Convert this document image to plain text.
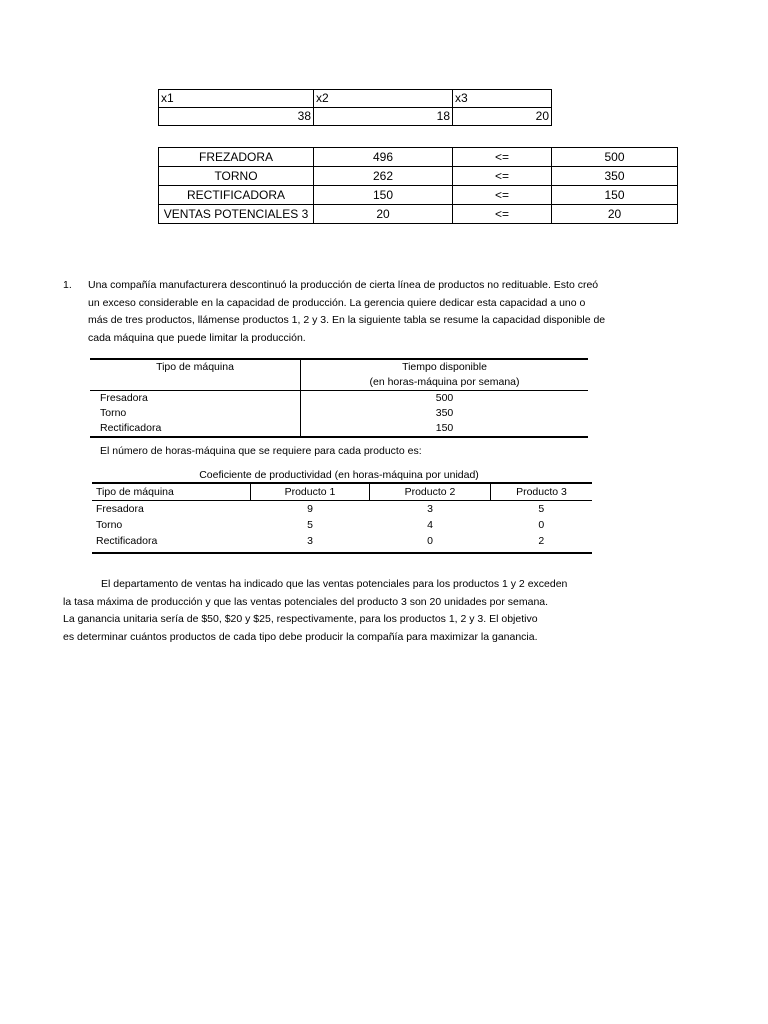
x1	x2	x3
38	18	20
FREZADORA	496	<=	500
TORNO	262	<=	350
RECTIFICADORA	150	<=	150
VENTAS POTENCIALES 3	20	<=	20
1. Una compañía manufacturera descontinuó la producción de cierta línea de productos no redituable. Esto creó un exceso considerable en la capacidad de producción. La gerencia quiere dedicar esta capacidad a uno o más de tres productos, llámense productos 1, 2 y 3. En la siguiente tabla se resume la capacidad disponible de cada máquina que puede limitar la producción.
Tipo de máquina	Tiempo disponible
	(en horas-máquina por semana)
Fresadora	500
Torno	350
Rectificadora	150
El número de horas-máquina que se requiere para cada producto es:
Coeficiente de productividad (en horas-máquina por unidad)
Tipo de máquina	Producto 1	Producto 2	Producto 3
Fresadora	9	3	5
Torno	5	4	0
Rectificadora	3	0	2
El departamento de ventas ha indicado que las ventas potenciales para los productos 1 y 2 exceden
la tasa máxima de producción y que las ventas potenciales del producto 3 son 20 unidades por semana.
La ganancia unitaria sería de $50, $20 y $25, respectivamente, para los productos 1, 2 y 3. El objetivo
es determinar cuántos productos de cada tipo debe producir la compañía para maximizar la ganancia.
